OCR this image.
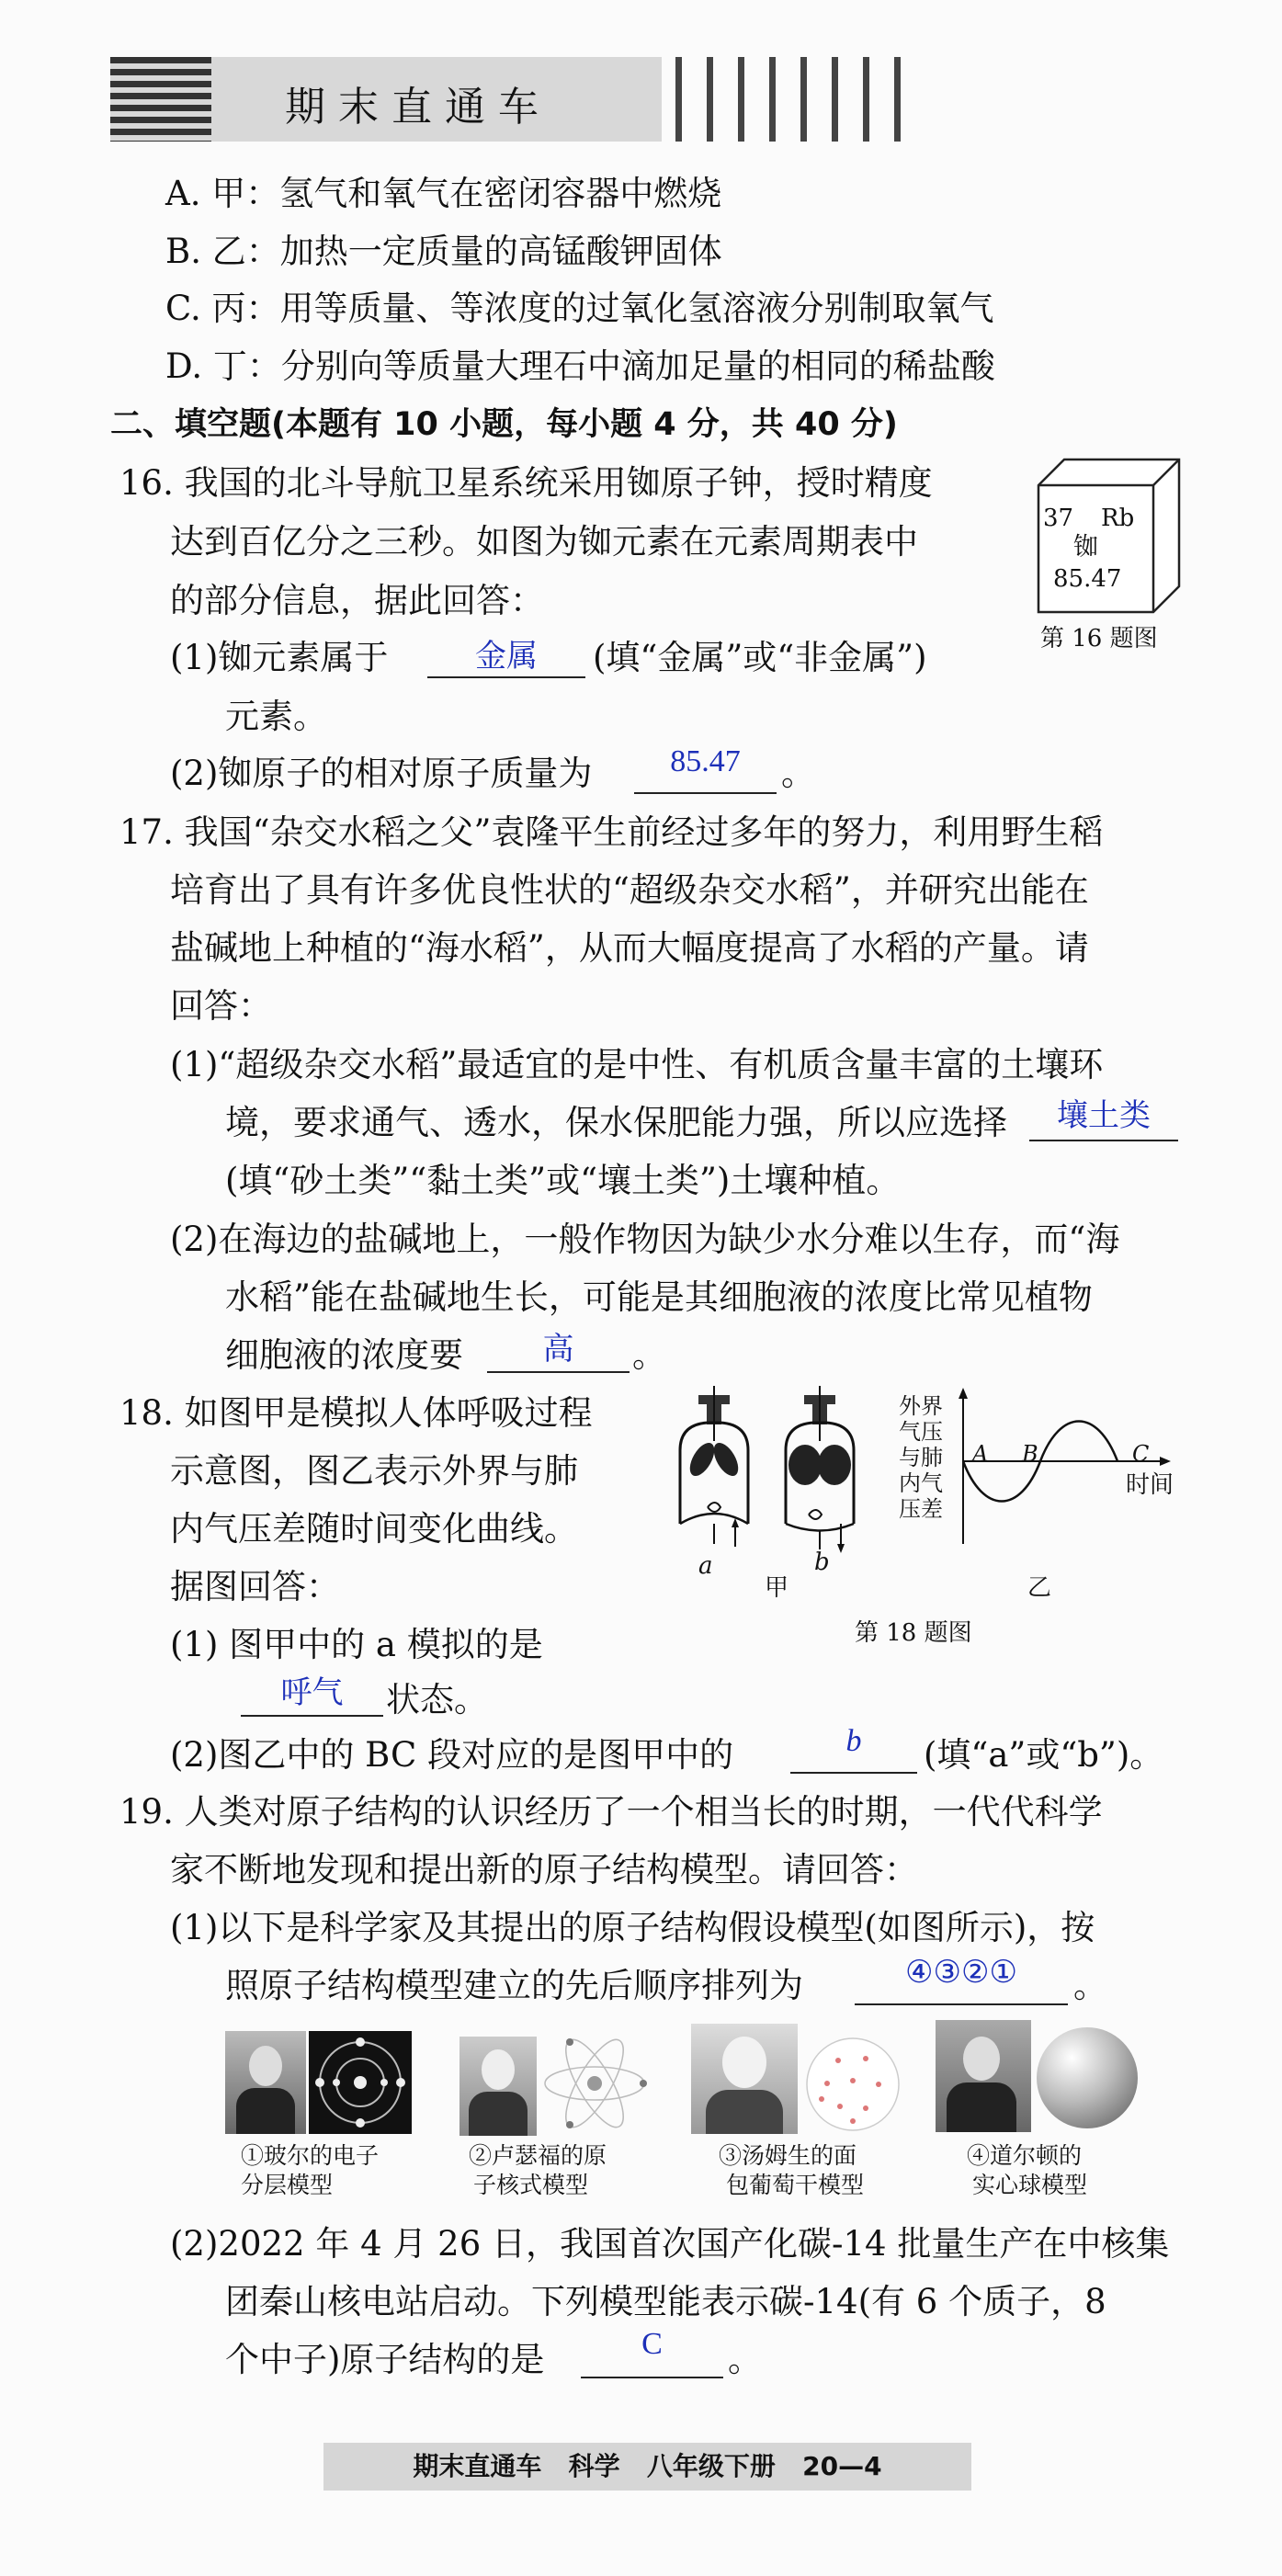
期末直通车
A. 甲：氢气和氧气在密闭容器中燃烧
B. 乙：加热一定质量的高锰酸钾固体
C. 丙：用等质量、等浓度的过氧化氢溶液分别制取氧气
D. 丁：分别向等质量大理石中滴加足量的相同的稀盐酸
二、填空题(本题有 10 小题，每小题 4 分，共 40 分)
16. 我国的北斗导航卫星系统采用铷原子钟，授时精度
达到百亿分之三秒。如图为铷元素在元素周期表中
的部分信息，据此回答：
(1)铷元素属于	金属	(填“金属”或“非金属”)
元素。
(2)铷原子的相对原子质量为	85.47	。
37 Rb
铷
85.47
第 16 题图
17. 我国“杂交水稻之父”袁隆平生前经过多年的努力，利用野生稻
培育出了具有许多优良性状的“超级杂交水稻”，并研究出能在
盐碱地上种植的“海水稻”，从而大幅度提高了水稻的产量。请
回答：
(1)“超级杂交水稻”最适宜的是中性、有机质含量丰富的土壤环
境，要求通气、透水，保水保肥能力强，所以应选择	壤土类
(填“砂土类”“黏土类”或“壤土类”)土壤种植。
(2)在海边的盐碱地上，一般作物因为缺少水分难以生存，而“海
水稻”能在盐碱地生长，可能是其细胞液的浓度比常见植物
细胞液的浓度要	高	。
18. 如图甲是模拟人体呼吸过程
示意图，图乙表示外界与肺
内气压差随时间变化曲线。
据图回答：
(1) 图甲中的 a 模拟的是
呼气	状态。
(2)图乙中的 BC 段对应的是图甲中的	b	(填“a”或“b”)。
a	b
甲
外界
气压
与肺
内气
压差
A B	C
时间
乙
第 18 题图
19. 人类对原子结构的认识经历了一个相当长的时期，一代代科学
家不断地发现和提出新的原子结构模型。请回答：
(1)以下是科学家及其提出的原子结构假设模型(如图所示)，按
照原子结构模型建立的先后顺序排列为	④③②①	。
①玻尔的电子
分层模型
②卢瑟福的原
子核式模型
③汤姆生的面
包葡萄干模型
④道尔顿的
实心球模型
(2)2022 年 4 月 26 日，我国首次国产化碳-14 批量生产在中核集
团秦山核电站启动。下列模型能表示碳-14(有 6 个质子，8
个中子)原子结构的是	C	。
期末直通车   科学   八年级下册   20—4
